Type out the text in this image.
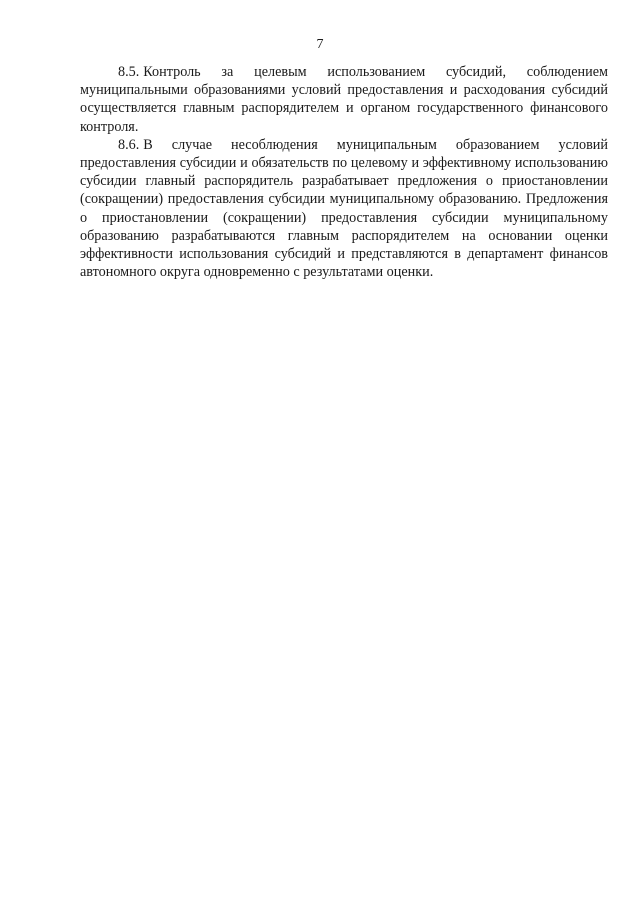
7

8.5. Контроль за целевым использованием субсидий, соблюдением муниципальными образованиями условий предоставления и расходования субсидий осуществляется главным распорядителем и органом государственного финансового контроля.

8.6. В случае несоблюдения муниципальным образованием условий предоставления субсидии и обязательств по целевому и эффективному использованию субсидии главный распорядитель разрабатывает предложения о приостановлении (сокращении) предоставления субсидии муниципальному образованию. Предложения о приостановлении (сокращении) предоставления субсидии муниципальному образованию разрабатываются главным распорядителем на основании оценки эффективности использования субсидий и представляются в департамент финансов автономного округа одновременно с результатами оценки.
